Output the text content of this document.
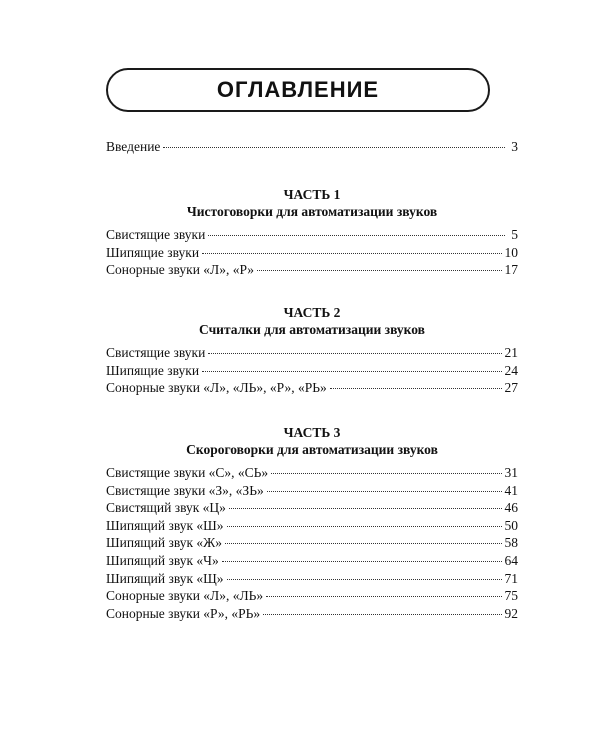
ОГЛАВЛЕНИЕ
Введение	3
ЧАСТЬ 1
Чистоговорки для автоматизации звуков
Свистящие звуки	5
Шипящие звуки	10
Сонорные звуки «Л», «Р»	17
ЧАСТЬ 2
Считалки для автоматизации звуков
Свистящие звуки	21
Шипящие звуки	24
Сонорные звуки «Л», «ЛЬ», «Р», «РЬ»	27
ЧАСТЬ 3
Скороговорки для автоматизации звуков
Свистящие звуки «С», «СЬ»	31
Свистящие звуки «З», «ЗЬ»	41
Свистящий звук «Ц»	46
Шипящий звук «Ш»	50
Шипящий звук «Ж»	58
Шипящий звук «Ч»	64
Шипящий звук «Щ»	71
Сонорные звуки «Л», «ЛЬ»	75
Сонорные звуки «Р», «РЬ»	92
